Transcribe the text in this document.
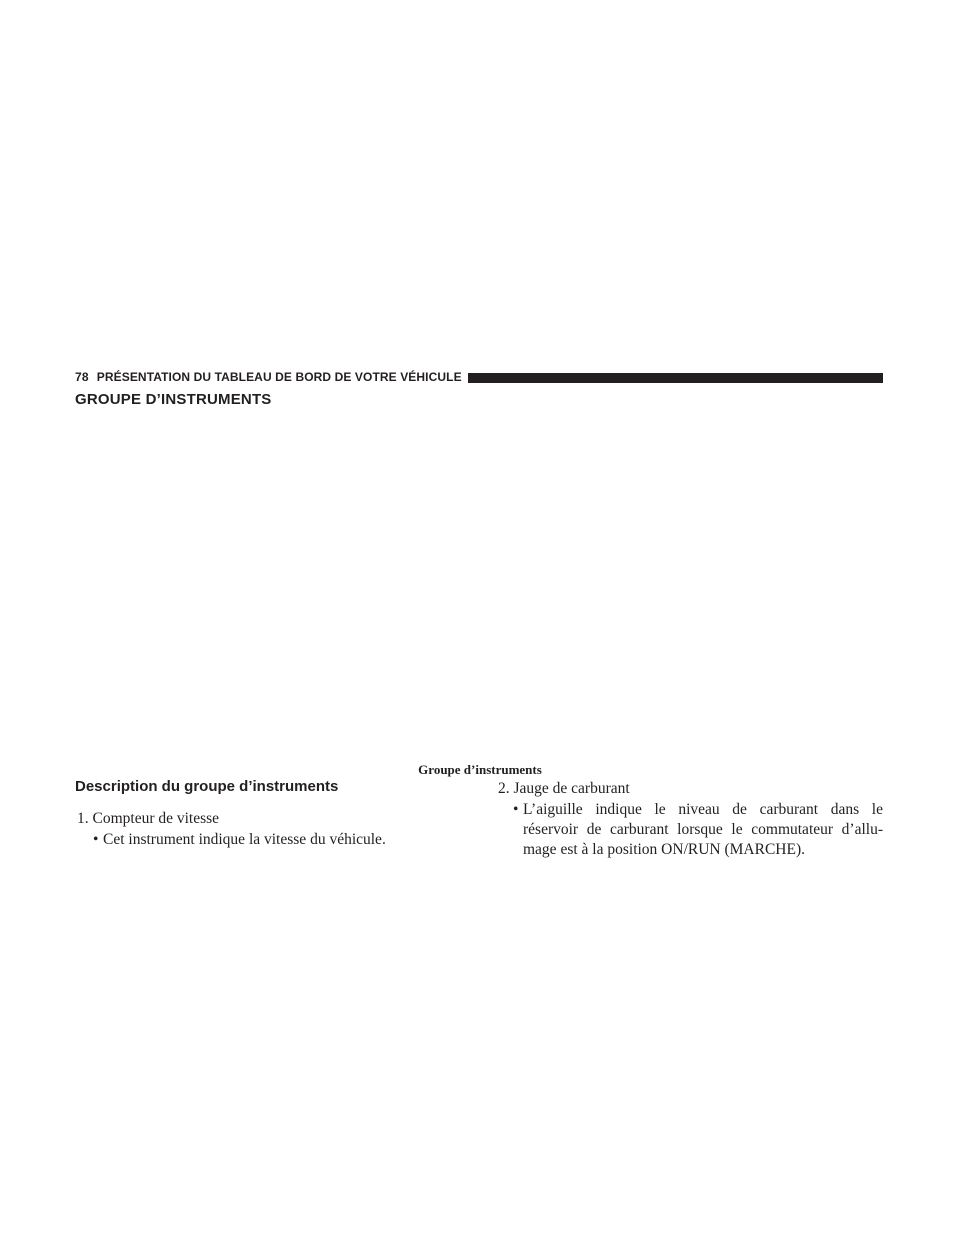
78 PRÉSENTATION DU TABLEAU DE BORD DE VOTRE VÉHICULE
GROUPE D’INSTRUMENTS

Groupe d’instruments

Description du groupe d’instruments

1. Compteur de vitesse

• Cet instrument indique la vitesse du véhicule.

2. Jauge de carburant

• L’aiguille indique le niveau de carburant dans le
réservoir de carburant lorsque le commutateur d’allu-
mage est à la position ON/RUN (MARCHE).
